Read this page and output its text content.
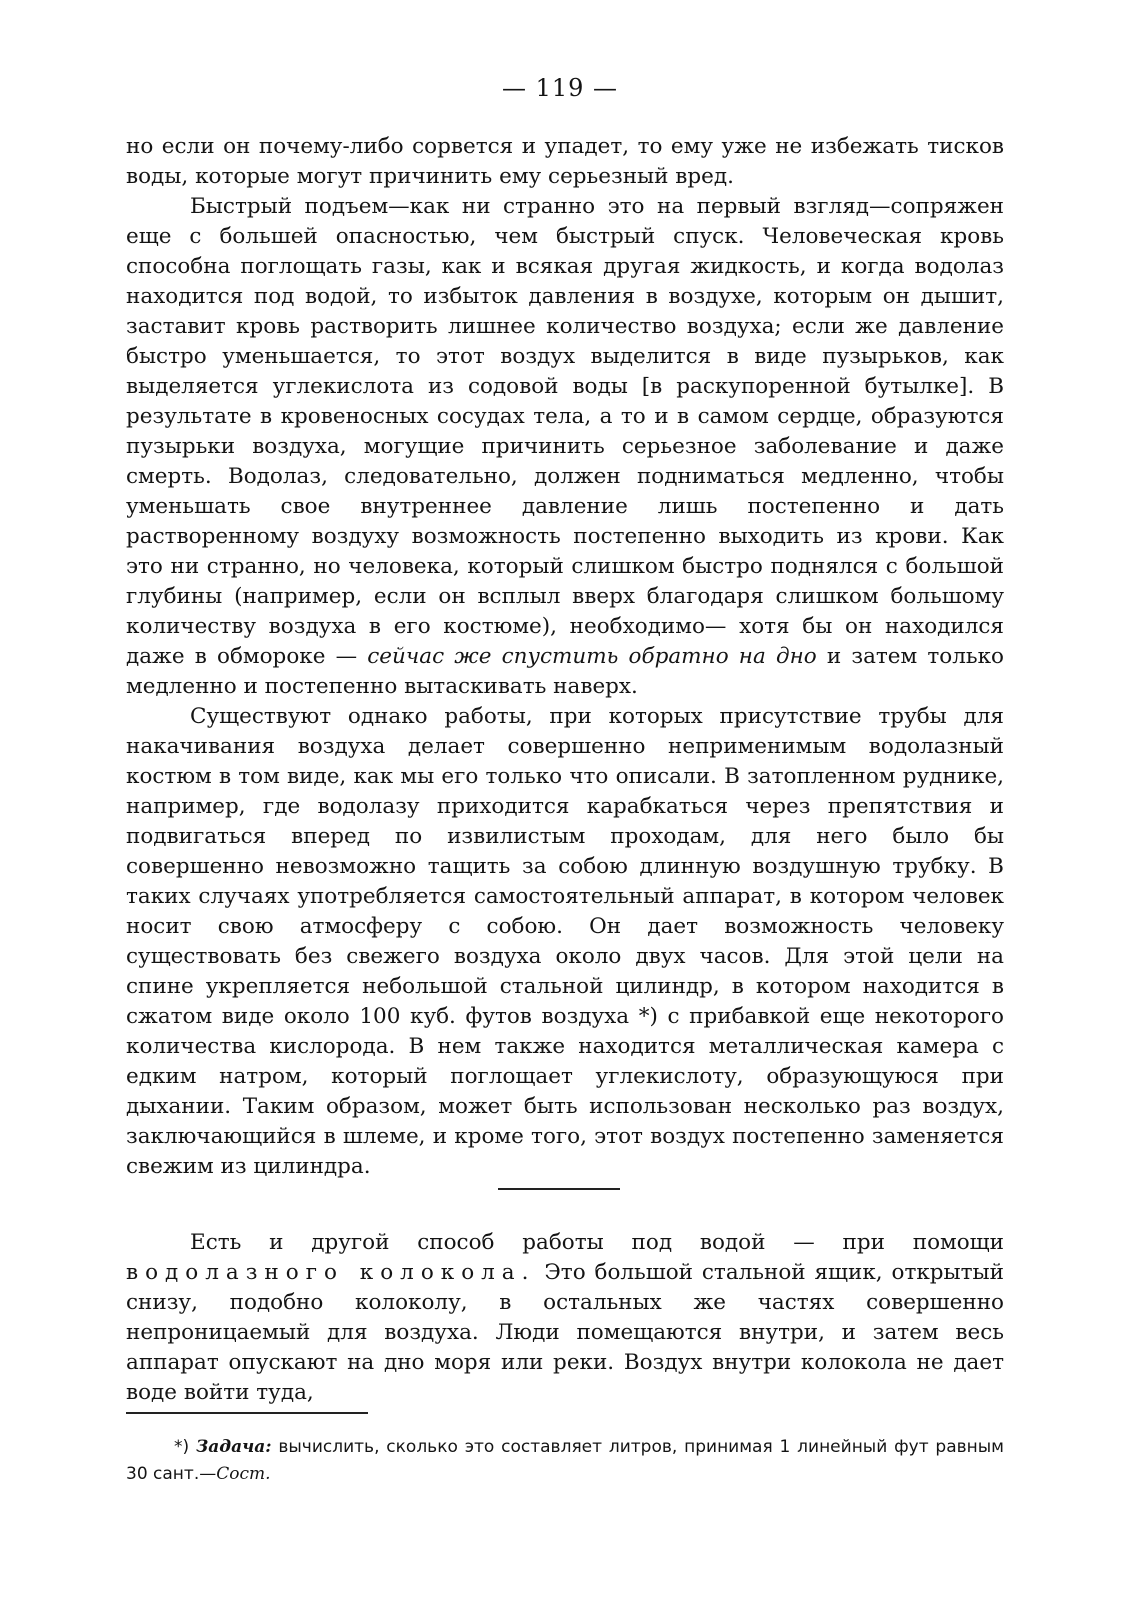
— 119 —

но если он почему-либо сорвется и упадет, то ему уже не избежать тисков воды, которые могут причинить ему серьезный вред.

Быстрый подъем—как ни странно это на первый взгляд—сопряжен еще с большей опасностью, чем быстрый спуск. Человеческая кровь способна поглощать газы, как и всякая другая жидкость, и когда водолаз находится под водой, то избыток давления в воздухе, которым он дышит, заставит кровь растворить лишнее количество воздуха; если же давление быстро уменьшается, то этот воздух выделится в виде пузырьков, как выделяется углекислота из содовой воды [в раскупоренной бутылке]. В результате в кровеносных сосудах тела, а то и в самом сердце, образуются пузырьки воздуха, могущие причинить серьезное заболевание и даже смерть. Водолаз, следовательно, должен подниматься медленно, чтобы уменьшать свое внутреннее давление лишь постепенно и дать растворенному воздуху возможность постепенно выходить из крови. Как это ни странно, но человека, который слишком быстро поднялся с большой глубины (например, если он всплыл вверх благодаря слишком большому количеству воздуха в его костюме), необходимо— хотя бы он находился даже в обмороке — сейчас же спустить обратно на дно и затем только медленно и постепенно вытаскивать наверх.

Существуют однако работы, при которых присутствие трубы для накачивания воздуха делает совершенно неприменимым водолазный костюм в том виде, как мы его только что описали. В затопленном руднике, например, где водолазу приходится карабкаться через препятствия и подвигаться вперед по извилистым проходам, для него было бы совершенно невозможно тащить за собою длинную воздушную трубку. В таких случаях употребляется самостоятельный аппарат, в котором человек носит свою атмосферу с собою. Он дает возможность человеку существовать без свежего воздуха около двух часов. Для этой цели на спине укрепляется небольшой стальной цилиндр, в котором находится в сжатом виде около 100 куб. футов воздуха *) с прибавкой еще некоторого количества кислорода. В нем также находится металлическая камера с едким натром, который поглощает углекислоту, образующуюся при дыхании. Таким образом, может быть использован несколько раз воздух, заключающийся в шлеме, и кроме того, этот воздух постепенно заменяется свежим из цилиндра.

Есть и другой способ работы под водой — при помощи водолазного колокола. Это большой стальной ящик, открытый снизу, подобно колоколу, в остальных же частях совершенно непроницаемый для воздуха. Люди помещаются внутри, и затем весь аппарат опускают на дно моря или реки. Воздух внутри колокола не дает воде войти туда,

*) Задача: вычислить, сколько это составляет литров, принимая 1 линейный фут равным 30 сант.—Сост.
